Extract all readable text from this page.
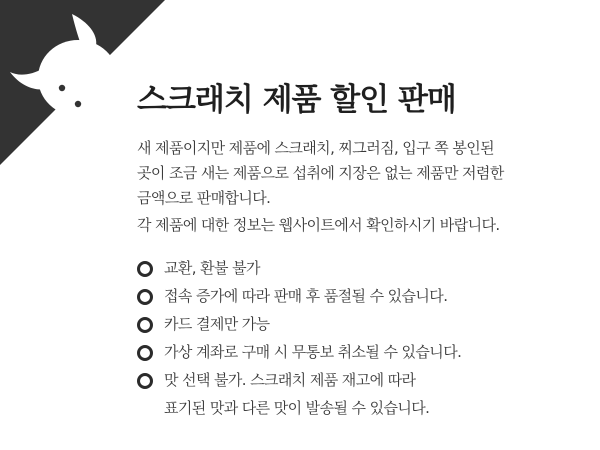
스크래치 제품 할인 판매

새 제품이지만 제품에 스크래치, 찌그러짐, 입구 쪽 봉인된
곳이 조금 새는 제품으로 섭취에 지장은 없는 제품만 저렴한
금액으로 판매합니다.

각 제품에 대한 정보는 웹사이트에서 확인하시기 바랍니다.

교환, 환불 불가
접속 증가에 따라 판매 후 품절될 수 있습니다.
카드 결제만 가능
가상 계좌로 구매 시 무통보 취소될 수 있습니다.
맛 선택 불가. 스크래치 제품 재고에 따라
표기된 맛과 다른 맛이 발송될 수 있습니다.
